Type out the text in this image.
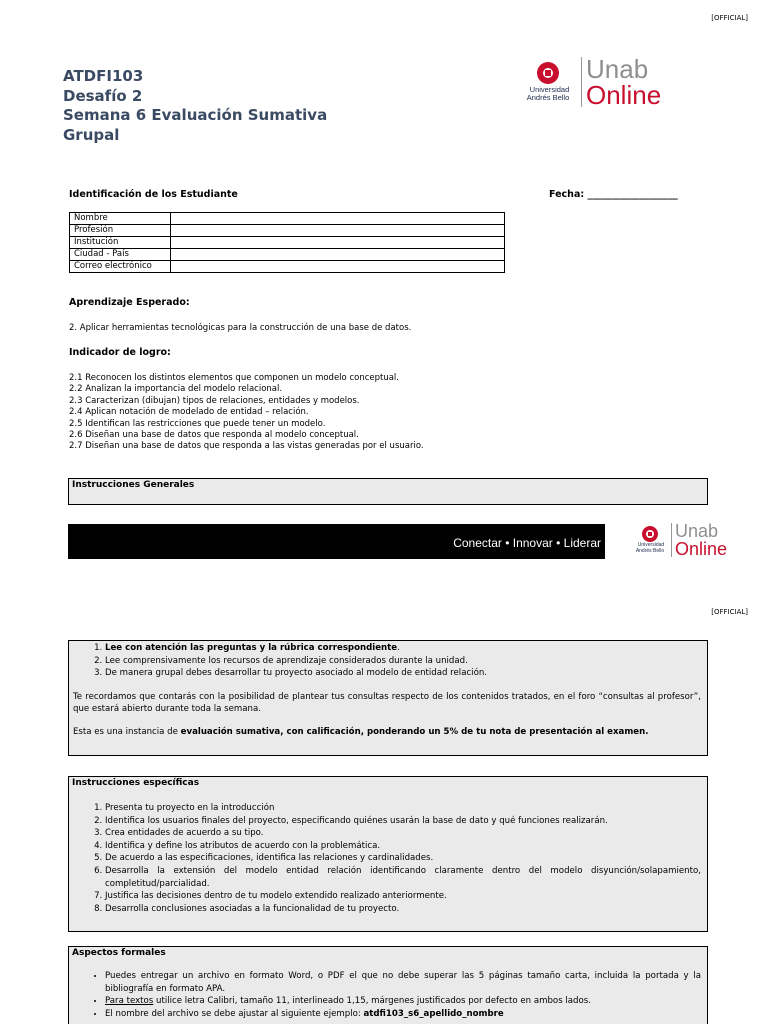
[OFFICIAL]
ATDFI103
Desafío 2
Semana 6 Evaluación Sumativa
Grupal
Universidad
Andrés Bello
Unab
Online
Identificación de los Estudiante	Fecha: ___________________
Nombre	
Profesión	
Institución	
Ciudad - País	
Correo electrónico	
Aprendizaje Esperado:
2. Aplicar herramientas tecnológicas para la construcción de una base de datos.
Indicador de logro:
2.1 Reconocen los distintos elementos que componen un modelo conceptual.
2.2 Analizan la importancia del modelo relacional.
2.3 Caracterizan (dibujan) tipos de relaciones, entidades y modelos.
2.4 Aplican notación de modelado de entidad – relación.
2.5 Identifican las restricciones que puede tener un modelo.
2.6 Diseñan una base de datos que responda al modelo conceptual.
2.7 Diseñan una base de datos que responda a las vistas generadas por el usuario.
Instrucciones Generales
Conectar • Innovar • Liderar	Universidad
Andrés Bello
Unab
Online
[OFFICIAL]
1. Lee con atención las preguntas y la rúbrica correspondiente.
2. Lee comprensivamente los recursos de aprendizaje considerados durante la unidad.
3. De manera grupal debes desarrollar tu proyecto asociado al modelo de entidad relación.
Te recordamos que contarás con la posibilidad de plantear tus consultas respecto de los contenidos tratados, en el foro “consultas al profesor”, que estará abierto durante toda la semana.
Esta es una instancia de evaluación sumativa, con calificación, ponderando un 5% de tu nota de presentación al examen.
Instrucciones específicas
1. Presenta tu proyecto en la introducción
2. Identifica los usuarios finales del proyecto, especificando quiénes usarán la base de dato y qué funciones realizarán.
3. Crea entidades de acuerdo a su tipo.
4. Identifica y define los atributos de acuerdo con la problemática.
5. De acuerdo a las especificaciones, identifica las relaciones y cardinalidades.
6. Desarrolla la extensión del modelo entidad relación identificando claramente dentro del modelo disyunción/solapamiento, completitud/parcialidad.
7. Justifica las decisiones dentro de tu modelo extendido realizado anteriormente.
8. Desarrolla conclusiones asociadas a la funcionalidad de tu proyecto.
Aspectos formales
• Puedes entregar un archivo en formato Word, o PDF el que no debe superar las 5 páginas tamaño carta, incluida la portada y la bibliografía en formato APA.
• Para textos utilice letra Calibri, tamaño 11, interlineado 1,15, márgenes justificados por defecto en ambos lados.
• El nombre del archivo se debe ajustar al siguiente ejemplo: atdfi103_s6_apellido_nombre
